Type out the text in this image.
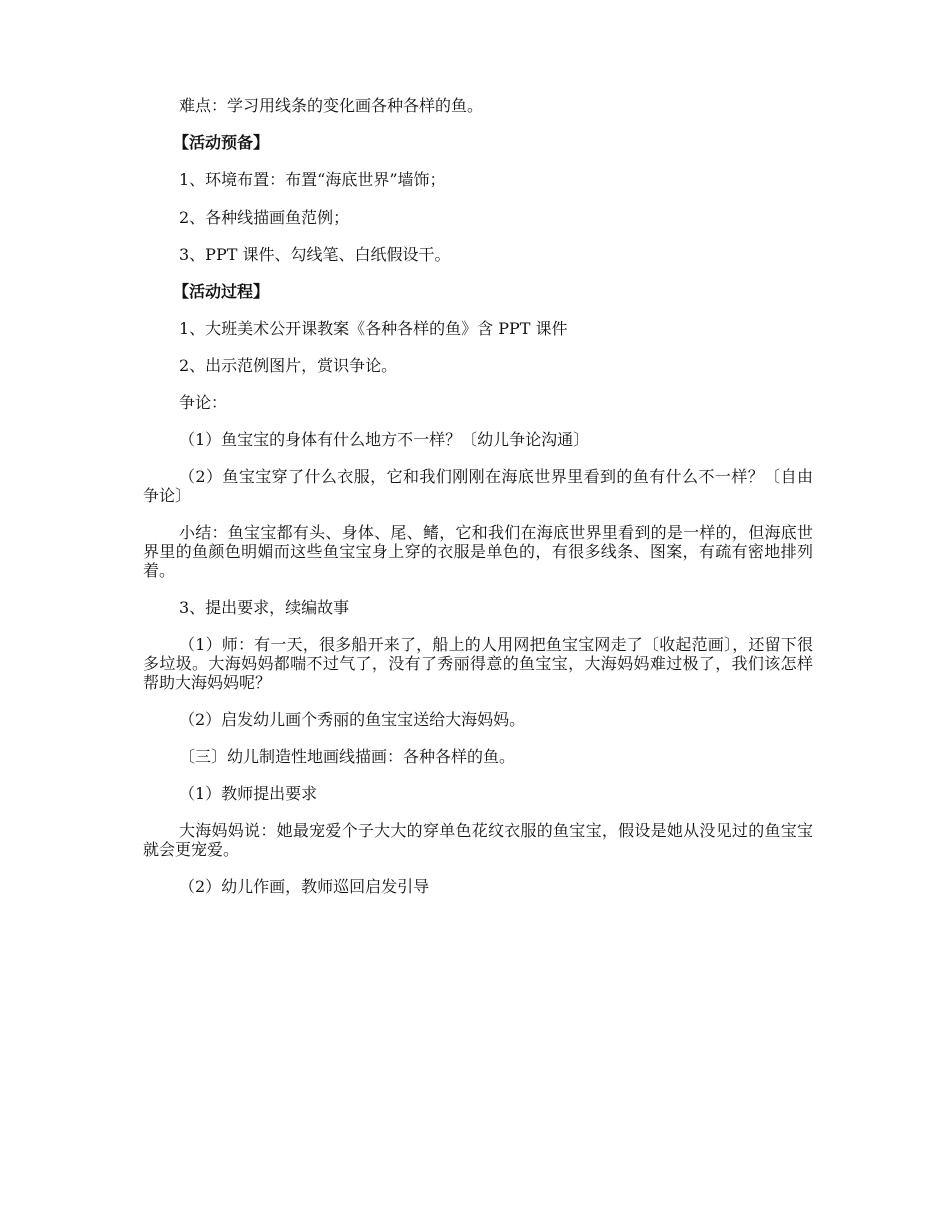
难点：学习用线条的变化画各种各样的鱼。

【活动预备】

1、环境布置：布置“海底世界”墙饰；

2、各种线描画鱼范例；

3、PPT 课件、勾线笔、白纸假设干。

【活动过程】

1、大班美术公开课教案《各种各样的鱼》含 PPT 课件

2、出示范例图片，赏识争论。

争论：

（1）鱼宝宝的身体有什么地方不一样？〔幼儿争论沟通〕

（2）鱼宝宝穿了什么衣服，它和我们刚刚在海底世界里看到的鱼有什么不一样？〔自由争论〕

小结：鱼宝宝都有头、身体、尾、鳍，它和我们在海底世界里看到的是一样的，但海底世界里的鱼颜色明媚而这些鱼宝宝身上穿的衣服是单色的，有很多线条、图案，有疏有密地排列着。

3、提出要求，续编故事

（1）师：有一天，很多船开来了，船上的人用网把鱼宝宝网走了〔收起范画〕，还留下很多垃圾。大海妈妈都喘不过气了，没有了秀丽得意的鱼宝宝，大海妈妈难过极了，我们该怎样帮助大海妈妈呢？

（2）启发幼儿画个秀丽的鱼宝宝送给大海妈妈。

〔三〕幼儿制造性地画线描画：各种各样的鱼。

（1）教师提出要求

大海妈妈说：她最宠爱个子大大的穿单色花纹衣服的鱼宝宝，假设是她从没见过的鱼宝宝就会更宠爱。

（2）幼儿作画，教师巡回启发引导
